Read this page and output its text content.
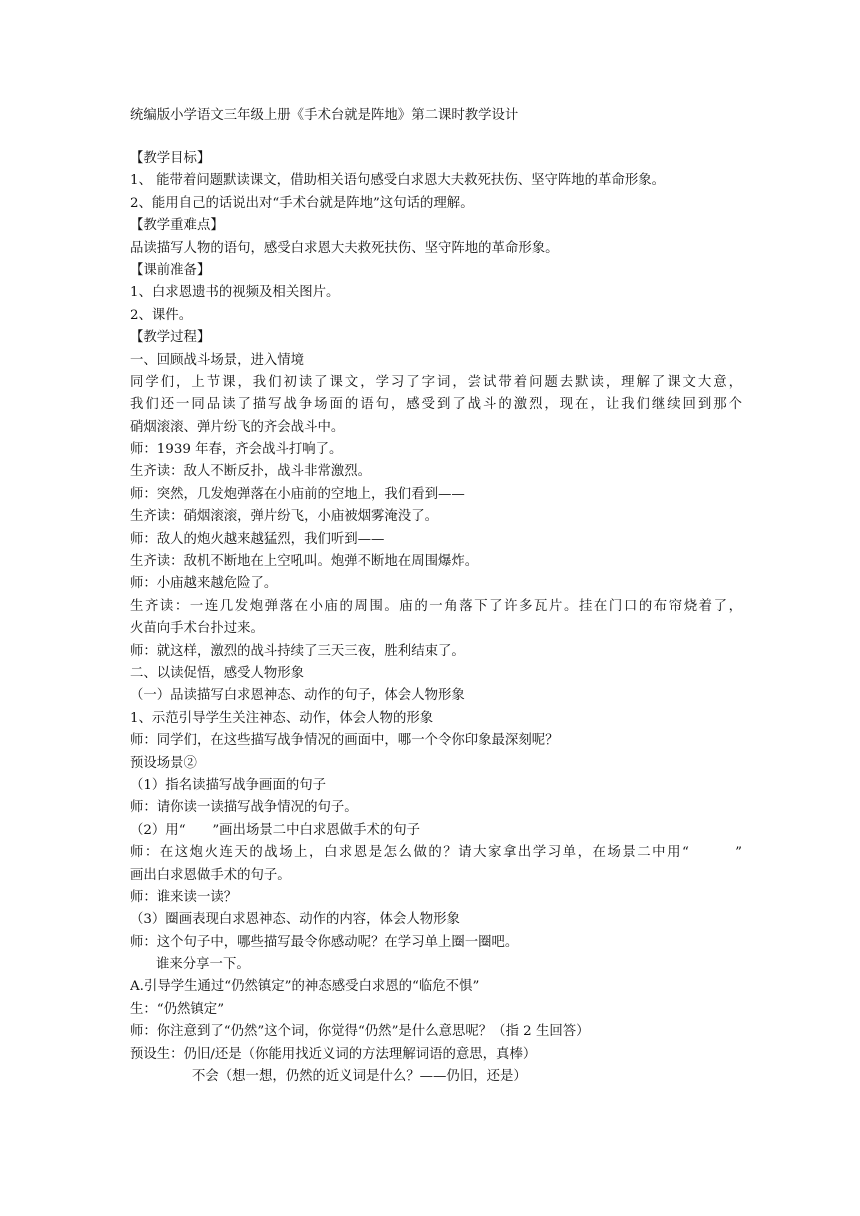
统编版小学语文三年级上册《手术台就是阵地》第二课时教学设计
【教学目标】
1、 能带着问题默读课文，借助相关语句感受白求恩大夫救死扶伤、坚守阵地的革命形象。
2、能用自己的话说出对“手术台就是阵地”这句话的理解。
【教学重难点】
品读描写人物的语句，感受白求恩大夫救死扶伤、坚守阵地的革命形象。
【课前准备】
1、白求恩遗书的视频及相关图片。
2、课件。
【教学过程】
一、回顾战斗场景，进入情境
同学们，上节课，我们初读了课文，学习了字词，尝试带着问题去默读，理解了课文大意，
我们还一同品读了描写战争场面的语句，感受到了战斗的激烈，现在，让我们继续回到那个
硝烟滚滚、弹片纷飞的齐会战斗中。
师：1939 年春，齐会战斗打响了。
生齐读：敌人不断反扑，战斗非常激烈。
师：突然，几发炮弹落在小庙前的空地上，我们看到——
生齐读：硝烟滚滚，弹片纷飞，小庙被烟雾淹没了。
师：敌人的炮火越来越猛烈，我们听到——
生齐读：敌机不断地在上空吼叫。炮弹不断地在周围爆炸。
师：小庙越来越危险了。
生齐读：一连几发炮弹落在小庙的周围。庙的一角落下了许多瓦片。挂在门口的布帘烧着了，
火苗向手术台扑过来。
师：就这样，激烈的战斗持续了三天三夜，胜利结束了。
二、以读促悟，感受人物形象
（一）品读描写白求恩神态、动作的句子，体会人物形象
1、示范引导学生关注神态、动作，体会人物的形象
师：同学们，在这些描写战争情况的画面中，哪一个令你印象最深刻呢？
预设场景②
（1）指名读描写战争画面的句子
师：请你读一读描写战争情况的句子。
（2）用“　　”画出场景二中白求恩做手术的句子
师：在这炮火连天的战场上，白求恩是怎么做的？请大家拿出学习单，在场景二中用“　　　”
画出白求恩做手术的句子。
师：谁来读一读？
（3）圈画表现白求恩神态、动作的内容，体会人物形象
师：这个句子中，哪些描写最令你感动呢？在学习单上圈一圈吧。
谁来分享一下。
A.引导学生通过“仍然镇定”的神态感受白求恩的“临危不惧”
生：“仍然镇定”
师：你注意到了“仍然”这个词，你觉得“仍然”是什么意思呢？（指 2 生回答）
预设生：仍旧/还是（你能用找近义词的方法理解词语的意思，真棒）
不会（想一想，仍然的近义词是什么？——仍旧，还是）
